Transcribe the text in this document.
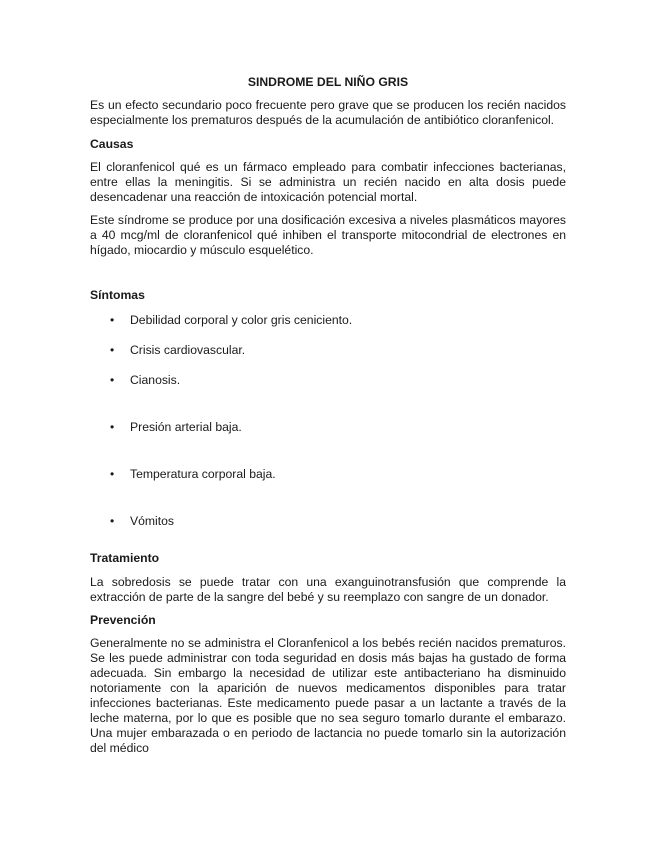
SINDROME DEL NIÑO GRIS

Es un efecto secundario poco frecuente pero grave que se producen los recién nacidos especialmente los prematuros después de la acumulación de antibiótico cloranfenicol.

Causas

El cloranfenicol qué es un fármaco empleado para combatir infecciones bacterianas, entre ellas la meningitis. Si se administra un recién nacido en alta dosis puede desencadenar una reacción de intoxicación potencial mortal.

Este síndrome se produce por una dosificación excesiva a niveles plasmáticos mayores a 40 mcg/ml de cloranfenicol qué inhiben el transporte mitocondrial de electrones en hígado, miocardio y músculo esquelético.

Síntomas

• Debilidad corporal y color gris ceniciento.
• Crisis cardiovascular.
• Cianosis.
• Presión arterial baja.
• Temperatura corporal baja.
• Vómitos

Tratamiento

La sobredosis se puede tratar con una exanguinotransfusión que comprende la extracción de parte de la sangre del bebé y su reemplazo con sangre de un donador.

Prevención

Generalmente no se administra el Cloranfenicol a los bebés recién nacidos prematuros. Se les puede administrar con toda seguridad en dosis más bajas ha gustado de forma adecuada. Sin embargo la necesidad de utilizar este antibacteriano ha disminuido notoriamente con la aparición de nuevos medicamentos disponibles para tratar infecciones bacterianas. Este medicamento puede pasar a un lactante a través de la leche materna, por lo que es posible que no sea seguro tomarlo durante el embarazo. Una mujer embarazada o en periodo de lactancia no puede tomarlo sin la autorización del médico
